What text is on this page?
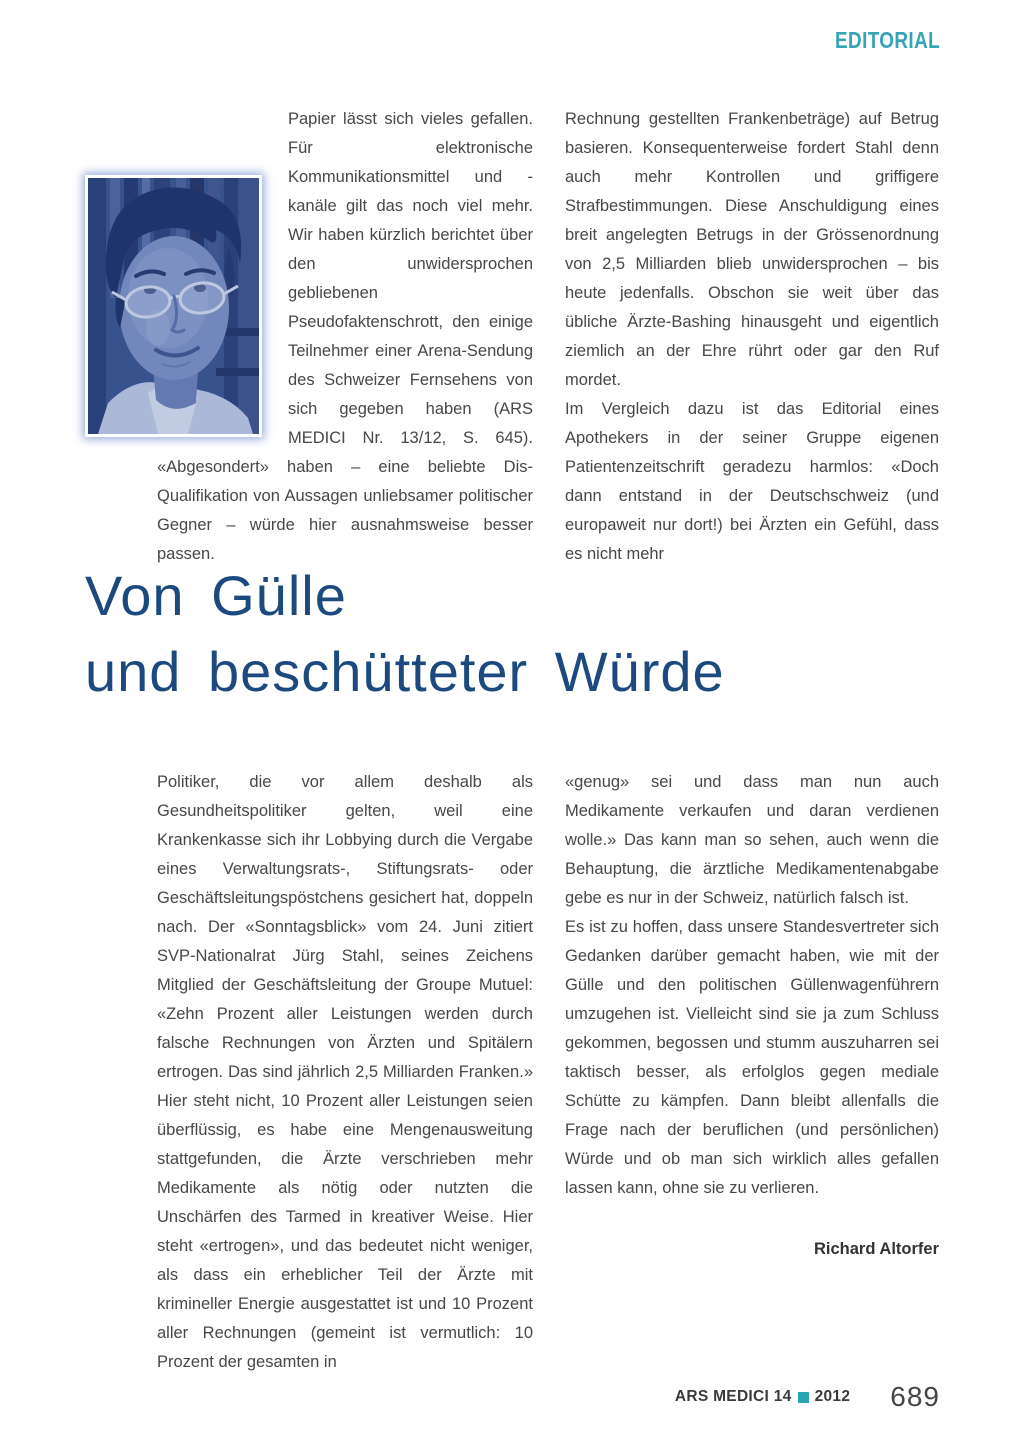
EDITORIAL

Papier lässt sich vieles gefallen. Für elektronische Kommunikationsmittel und -kanäle gilt das noch viel mehr. Wir haben kürzlich berichtet über den unwidersprochen gebliebenen Pseudofaktenschrott, den einige Teilnehmer einer Arena-Sendung des Schweizer Fernsehens von sich gegeben haben (ARS MEDICI Nr. 13/12, S. 645). «Abgesondert» haben – eine beliebte Dis-Qualifikation von Aussagen unliebsamer politischer Gegner – würde hier ausnahmsweise besser passen.

Rechnung gestellten Frankenbeträge) auf Betrug basieren. Konsequenterweise fordert Stahl denn auch mehr Kontrollen und griffigere Strafbestimmungen. Diese Anschuldigung eines breit angelegten Betrugs in der Grössenordnung von 2,5 Milliarden blieb unwidersprochen – bis heute jedenfalls. Obschon sie weit über das übliche Ärzte-Bashing hinausgeht und eigentlich ziemlich an der Ehre rührt oder gar den Ruf mordet.

Im Vergleich dazu ist das Editorial eines Apothekers in der seiner Gruppe eigenen Patientenzeitschrift geradezu harmlos: «Doch dann entstand in der Deutschschweiz (und europaweit nur dort!) bei Ärzten ein Gefühl, dass es nicht mehr

Von Gülle
und beschütteter Würde

Politiker, die vor allem deshalb als Gesundheitspolitiker gelten, weil eine Krankenkasse sich ihr Lobbying durch die Vergabe eines Verwaltungsrats-, Stiftungsrats- oder Geschäftsleitungspöstchens gesichert hat, doppeln nach. Der «Sonntagsblick» vom 24. Juni zitiert SVP-Nationalrat Jürg Stahl, seines Zeichens Mitglied der Geschäftsleitung der Groupe Mutuel: «Zehn Prozent aller Leistungen werden durch falsche Rechnungen von Ärzten und Spitälern ertrogen. Das sind jährlich 2,5 Milliarden Franken.» Hier steht nicht, 10 Prozent aller Leistungen seien überflüssig, es habe eine Mengenausweitung stattgefunden, die Ärzte verschrieben mehr Medikamente als nötig oder nutzten die Unschärfen des Tarmed in kreativer Weise. Hier steht «ertrogen», und das bedeutet nicht weniger, als dass ein erheblicher Teil der Ärzte mit krimineller Energie ausgestattet ist und 10 Prozent aller Rechnungen (gemeint ist vermutlich: 10 Prozent der gesamten in

«genug» sei und dass man nun auch Medikamente verkaufen und daran verdienen wolle.» Das kann man so sehen, auch wenn die Behauptung, die ärztliche Medikamentenabgabe gebe es nur in der Schweiz, natürlich falsch ist.

Es ist zu hoffen, dass unsere Standesvertreter sich Gedanken darüber gemacht haben, wie mit der Gülle und den politischen Güllenwagenführern umzugehen ist. Vielleicht sind sie ja zum Schluss gekommen, begossen und stumm auszuharren sei taktisch besser, als erfolglos gegen mediale Schütte zu kämpfen. Dann bleibt allenfalls die Frage nach der beruflichen (und persönlichen) Würde und ob man sich wirklich alles gefallen lassen kann, ohne sie zu verlieren.

Richard Altorfer
ARS MEDICI 14 2012 689
